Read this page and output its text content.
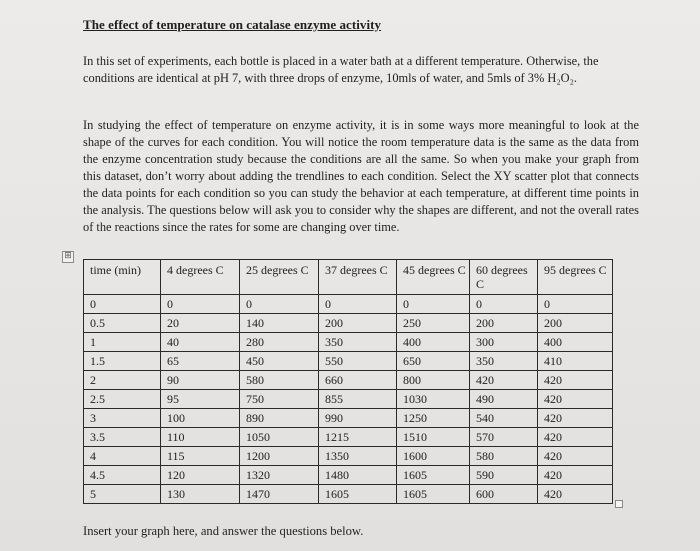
The effect of temperature on catalase enzyme activity

In this set of experiments, each bottle is placed in a water bath at a different temperature. Otherwise, the conditions are identical at pH 7, with three drops of enzyme, 10mls of water, and 5mls of 3% H₂O₂.

In studying the effect of temperature on enzyme activity, it is in some ways more meaningful to look at the shape of the curves for each condition. You will notice the room temperature data is the same as the data from the enzyme concentration study because the conditions are all the same. So when you make your graph from this dataset, don’t worry about adding the trendlines to each condition. Select the XY scatter plot that connects the data points for each condition so you can study the behavior at each temperature, at different time points in the analysis. The questions below will ask you to consider why the shapes are different, and not the overall rates of the reactions since the rates for some are changing over time.

⊞
time (min)	4 degrees C	25 degrees C	37 degrees C	45 degrees C	60 degrees C	95 degrees C
0	0	0	0	0	0	0
0.5	20	140	200	250	200	200
1	40	280	350	400	300	400
1.5	65	450	550	650	350	410
2	90	580	660	800	420	420
2.5	95	750	855	1030	490	420
3	100	890	990	1250	540	420
3.5	110	1050	1215	1510	570	420
4	115	1200	1350	1600	580	420
4.5	120	1320	1480	1605	590	420
5	130	1470	1605	1605	600	420

Insert your graph here, and answer the questions below.
